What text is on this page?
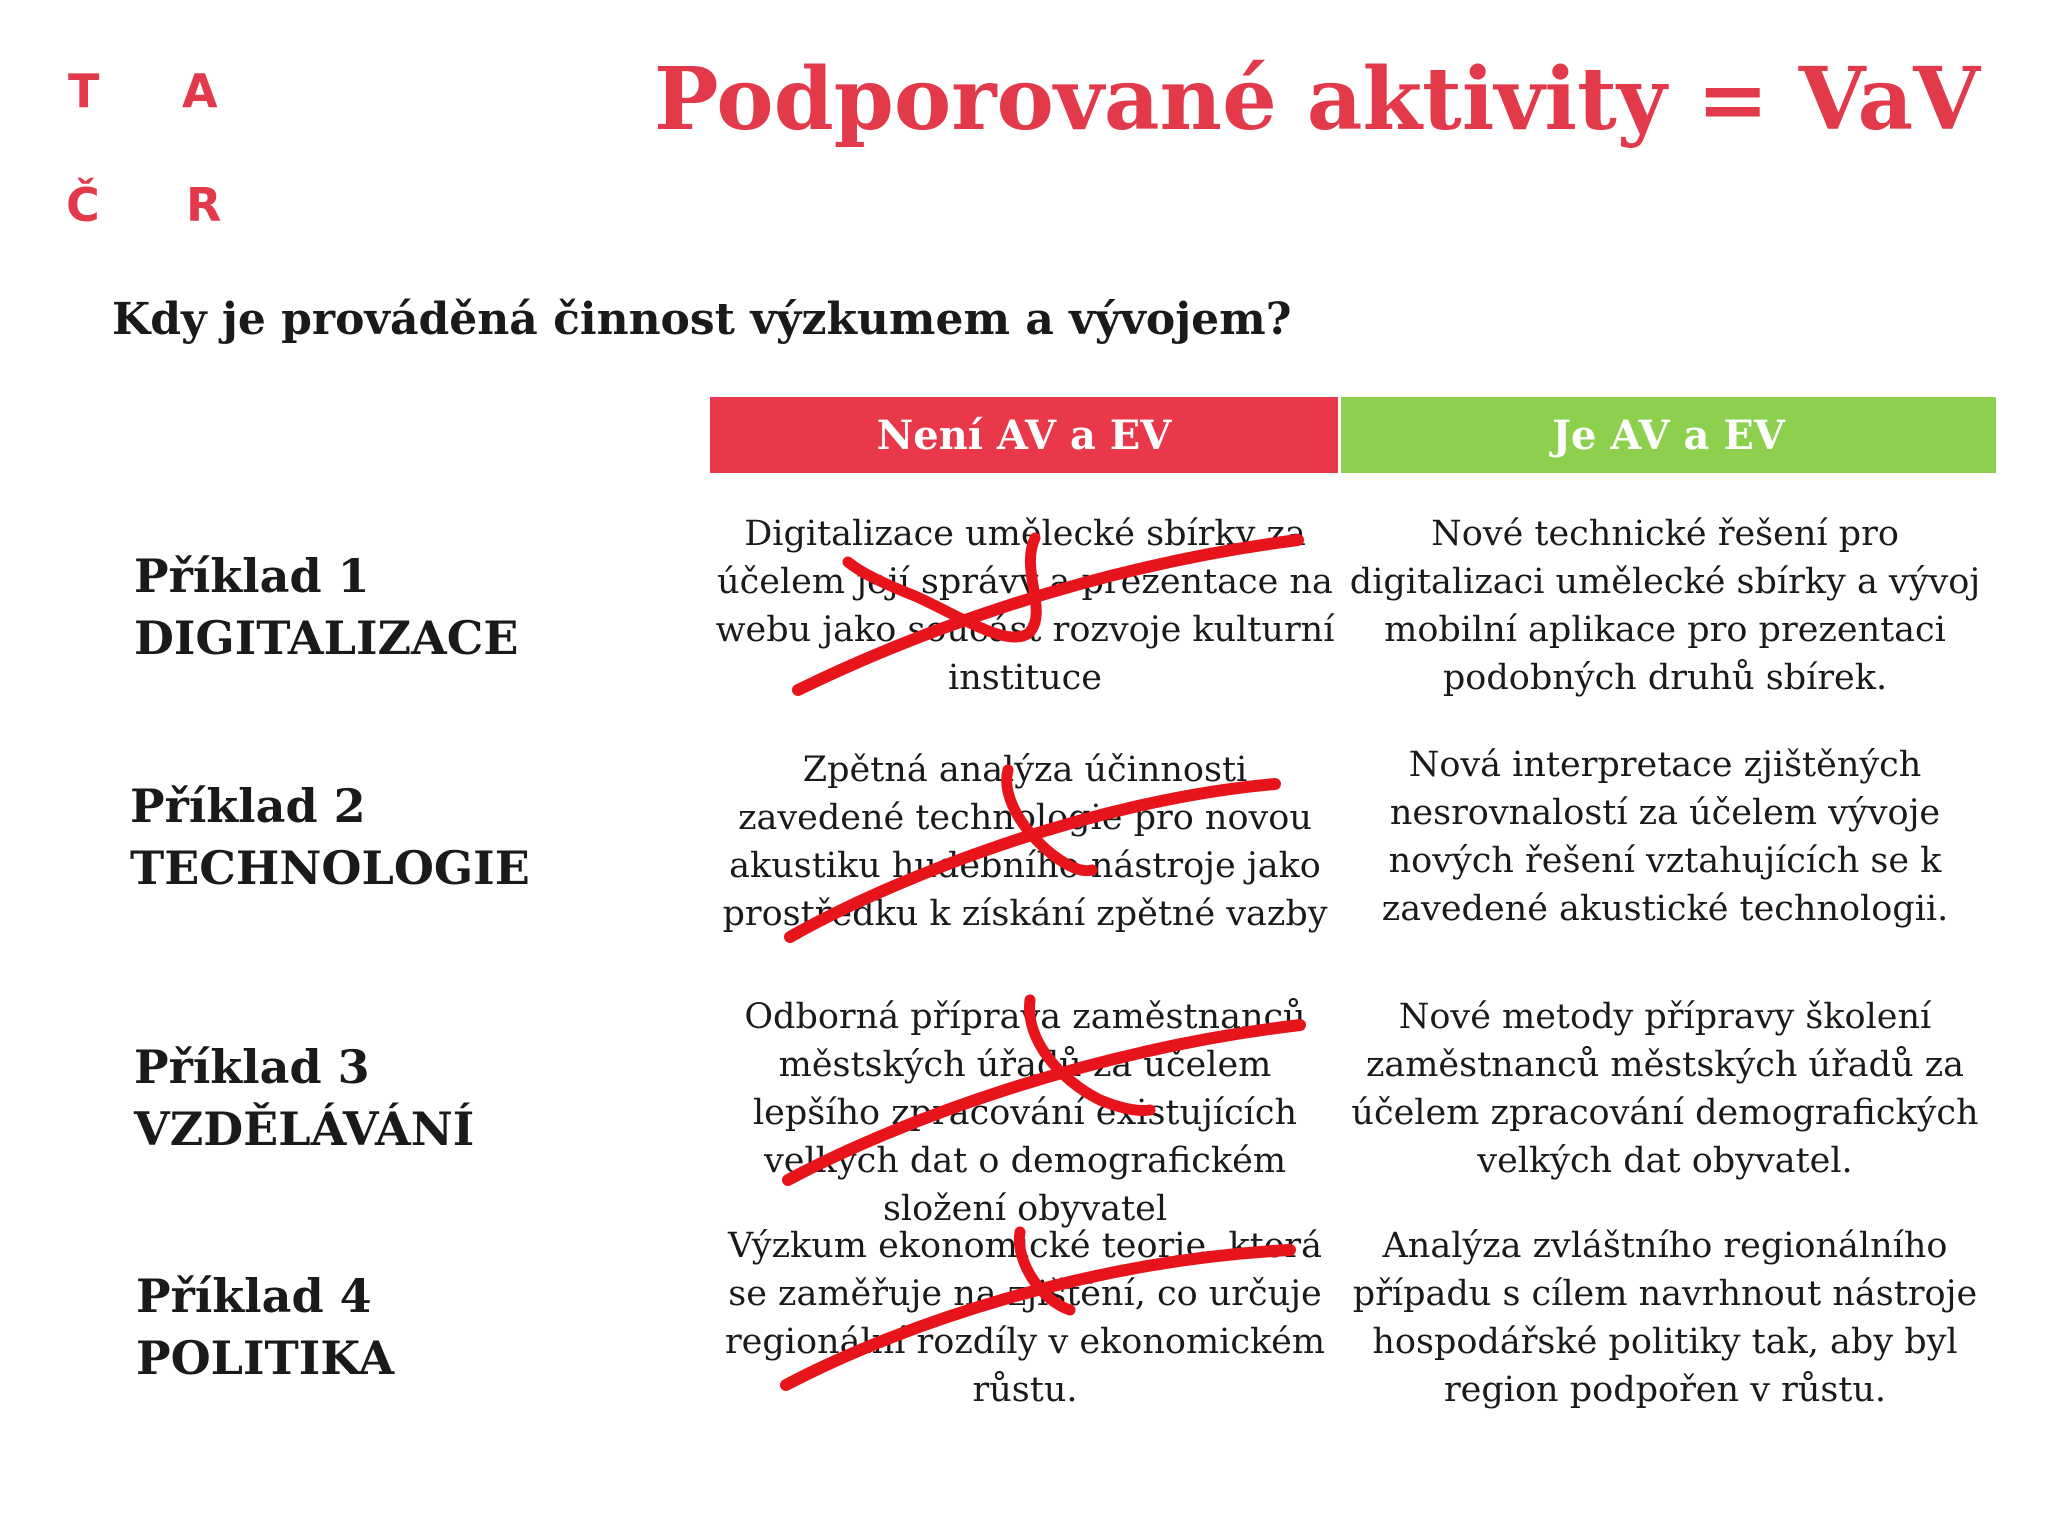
T A
Č R
Podporované aktivity = VaV
Kdy je prováděná činnost výzkumem a vývojem?
Není AV a EV	Je AV a EV
Příklad 1
DIGITALIZACE
Digitalizace umělecké sbírky za účelem její správy a prezentace na webu jako součást rozvoje kulturní instituce
Nové technické řešení pro digitalizaci umělecké sbírky a vývoj mobilní aplikace pro prezentaci podobných druhů sbírek.
Příklad 2
TECHNOLOGIE
Zpětná analýza účinnosti zavedené technologie pro novou akustiku hudebního nástroje jako prostředku k získání zpětné vazby
Nová interpretace zjištěných nesrovnalostí za účelem vývoje nových řešení vztahujících se k zavedené akustické technologii.
Příklad 3
VZDĚLÁVÁNÍ
Odborná příprava zaměstnanců městských úřadů za účelem lepšího zpracování existujících velkých dat o demografickém složení obyvatel
Nové metody přípravy školení zaměstnanců městských úřadů za účelem zpracování demografických velkých dat obyvatel.
Příklad 4
POLITIKA
Výzkum ekonomické teorie, která se zaměřuje na zjištění, co určuje regionální rozdíly v ekonomickém růstu.
Analýza zvláštního regionálního případu s cílem navrhnout nástroje hospodářské politiky tak, aby byl region podpořen v růstu.
